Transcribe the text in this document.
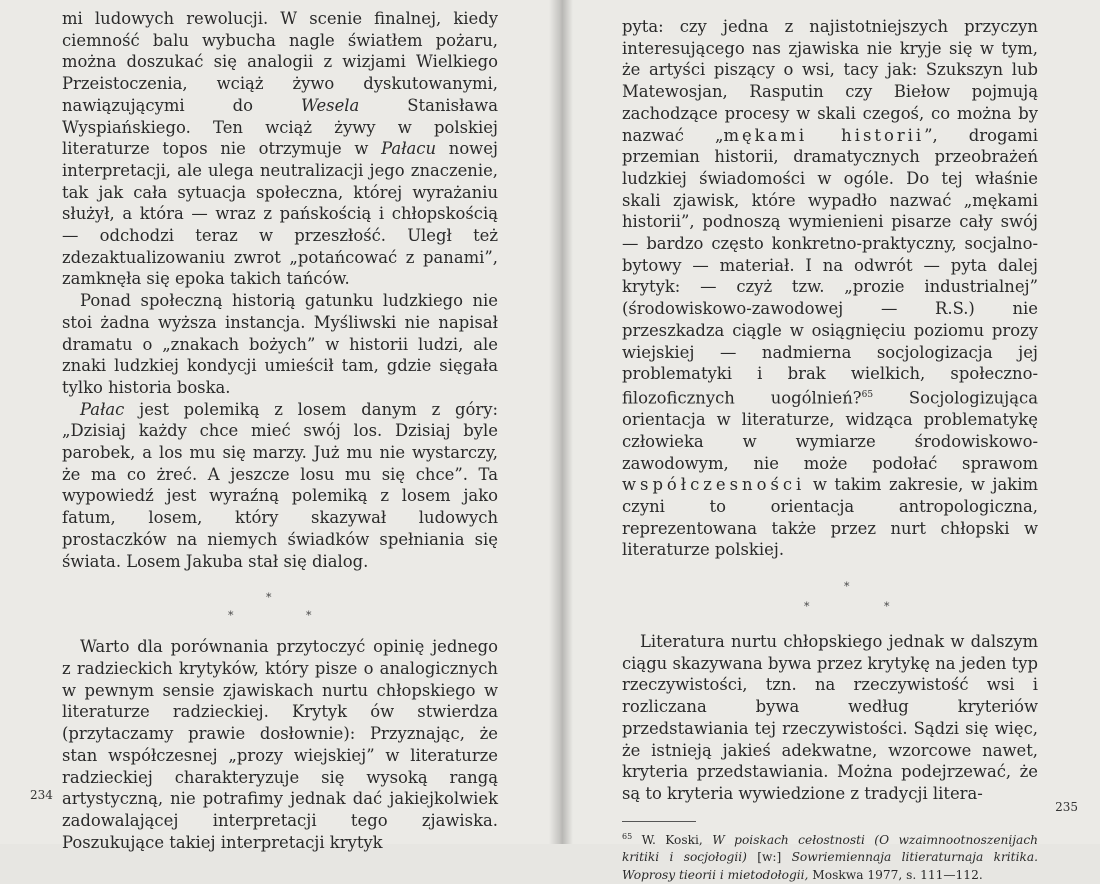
mi ludowych rewolucji. W scenie finalnej, kiedy ciemność balu wybucha nagle światłem pożaru, można doszukać się analogii z wizjami Wielkiego Przeistoczenia, wciąż żywo dyskutowanymi, nawiązującymi do Wesela Stanisława Wyspiańskiego. Ten wciąż żywy w polskiej literaturze topos nie otrzymuje w Pałacu nowej interpretacji, ale ulega neutralizacji jego znaczenie, tak jak cała sytuacja społeczna, której wyrażaniu służył, a która — wraz z pańskością i chłopskością — odchodzi teraz w przeszłość. Uległ też zdezaktualizowaniu zwrot „potańcować z panami”, zamknęła się epoka takich tańców.

Ponad społeczną historią gatunku ludzkiego nie stoi żadna wyższa instancja. Myśliwski nie napisał dramatu o „znakach bożych” w historii ludzi, ale znaki ludzkiej kondycji umieścił tam, gdzie sięgała tylko historia boska.

Pałac jest polemiką z losem danym z góry: „Dzisiaj każdy chce mieć swój los. Dzisiaj byle parobek, a los mu się marzy. Już mu nie wystarczy, że ma co żreć. A jeszcze losu mu się chce”. Ta wypowiedź jest wyraźną polemiką z losem jako fatum, losem, który skazywał ludowych prostaczków na niemych świadków spełniania się świata. Losem Jakuba stał się dialog.

*
*	*

Warto dla porównania przytoczyć opinię jednego z radzieckich krytyków, który pisze o analogicznych w pewnym sensie zjawiskach nurtu chłopskiego w literaturze radzieckiej. Krytyk ów stwierdza (przytaczamy prawie dosłownie): Przyznając, że stan współczesnej „prozy wiejskiej” w literaturze radzieckiej charakteryzuje się wysoką rangą artystyczną, nie potrafimy jednak dać jakiejkolwiek zadowalającej interpretacji tego zjawiska. Poszukujące takiej interpretacji krytyk

234

pyta: czy jedna z najistotniejszych przyczyn interesującego nas zjawiska nie kryje się w tym, że artyści piszący o wsi, tacy jak: Szukszyn lub Matewosjan, Rasputin czy Biełow pojmują zachodzące procesy w skali czegoś, co można by nazwać „mękami historii”, drogami przemian historii, dramatycznych przeobrażeń ludzkiej świadomości w ogóle. Do tej właśnie skali zjawisk, które wypadło nazwać „mękami historii”, podnoszą wymienieni pisarze cały swój — bardzo często konkretno-praktyczny, socjalno-bytowy — materiał. I na odwrót — pyta dalej krytyk: — czyż tzw. „prozie industrialnej” (środowiskowo-zawodowej — R.S.) nie przeszkadza ciągle w osiągnięciu poziomu prozy wiejskiej — nadmierna socjologizacja jej problematyki i brak wielkich, społeczno-filozoficznych uogólnień?$^{65}$ Socjologizująca orientacja w literaturze, widząca problematykę człowieka w wymiarze środowiskowo-zawodowym, nie może podołać sprawom współczesności w takim zakresie, w jakim czyni to orientacja antropologiczna, reprezentowana także przez nurt chłopski w literaturze polskiej.

*
*	*

Literatura nurtu chłopskiego jednak w dalszym ciągu skazywana bywa przez krytykę na jeden typ rzeczywistości, tzn. na rzeczywistość wsi i rozliczana bywa według kryteriów przedstawiania tej rzeczywistości. Sądzi się więc, że istnieją jakieś adekwatne, wzorcowe nawet, kryteria przedstawiania. Można podejrzewać, że są to kryteria wywiedzione z tradycji litera-

$^{65}$ W. Koski, W poiskach cełostnosti (O wzaimnootnoszenijach kritiki i socjołogii) [w:] Sowriemiennaja litieraturnaja kritika. Woprosy tieorii i mietodołogii, Moskwa 1977, s. 111—112.

235
